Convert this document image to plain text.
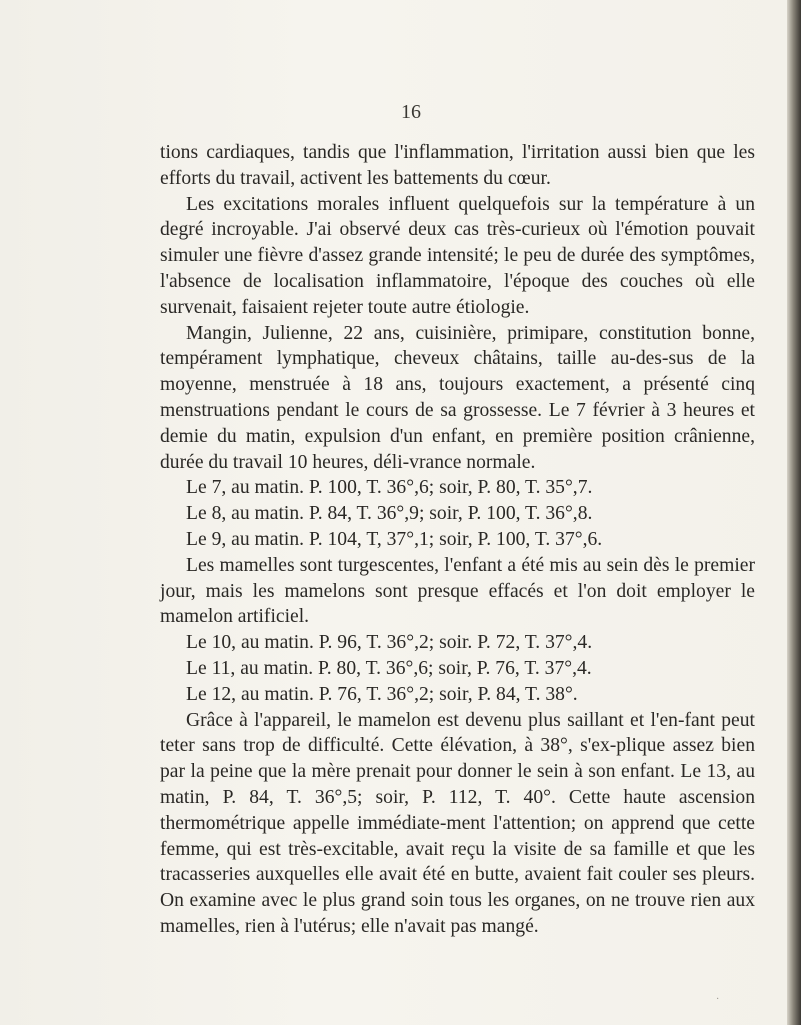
16

tions cardiaques, tandis que l'inflammation, l'irritation aussi bien que les efforts du travail, activent les battements du cœur.

Les excitations morales influent quelquefois sur la température à un degré incroyable. J'ai observé deux cas très-curieux où l'émotion pouvait simuler une fièvre d'assez grande intensité; le peu de durée des symptômes, l'absence de localisation inflammatoire, l'époque des couches où elle survenait, faisaient rejeter toute autre étiologie.

Mangin, Julienne, 22 ans, cuisinière, primipare, constitution bonne, tempérament lymphatique, cheveux châtains, taille au-des-sus de la moyenne, menstruée à 18 ans, toujours exactement, a présenté cinq menstruations pendant le cours de sa grossesse. Le 7 février à 3 heures et demie du matin, expulsion d'un enfant, en première position crânienne, durée du travail 10 heures, déli-vrance normale.

Le 7, au matin. P. 100, T. 36°,6; soir, P. 80, T. 35°,7.

Le 8, au matin. P. 84, T. 36°,9; soir, P. 100, T. 36°,8.

Le 9, au matin. P. 104, T, 37°,1; soir, P. 100, T. 37°,6.

Les mamelles sont turgescentes, l'enfant a été mis au sein dès le premier jour, mais les mamelons sont presque effacés et l'on doit employer le mamelon artificiel.

Le 10, au matin. P. 96, T. 36°,2; soir. P. 72, T. 37°,4.

Le 11, au matin. P. 80, T. 36°,6; soir, P. 76, T. 37°,4.

Le 12, au matin. P. 76, T. 36°,2; soir, P. 84, T. 38°.

Grâce à l'appareil, le mamelon est devenu plus saillant et l'en-fant peut teter sans trop de difficulté. Cette élévation, à 38°, s'ex-plique assez bien par la peine que la mère prenait pour donner le sein à son enfant. Le 13, au matin, P. 84, T. 36°,5; soir, P. 112, T. 40°. Cette haute ascension thermométrique appelle immédiate-ment l'attention; on apprend que cette femme, qui est très-excitable, avait reçu la visite de sa famille et que les tracasseries auxquelles elle avait été en butte, avaient fait couler ses pleurs. On examine avec le plus grand soin tous les organes, on ne trouve rien aux mamelles, rien à l'utérus; elle n'avait pas mangé.

·
